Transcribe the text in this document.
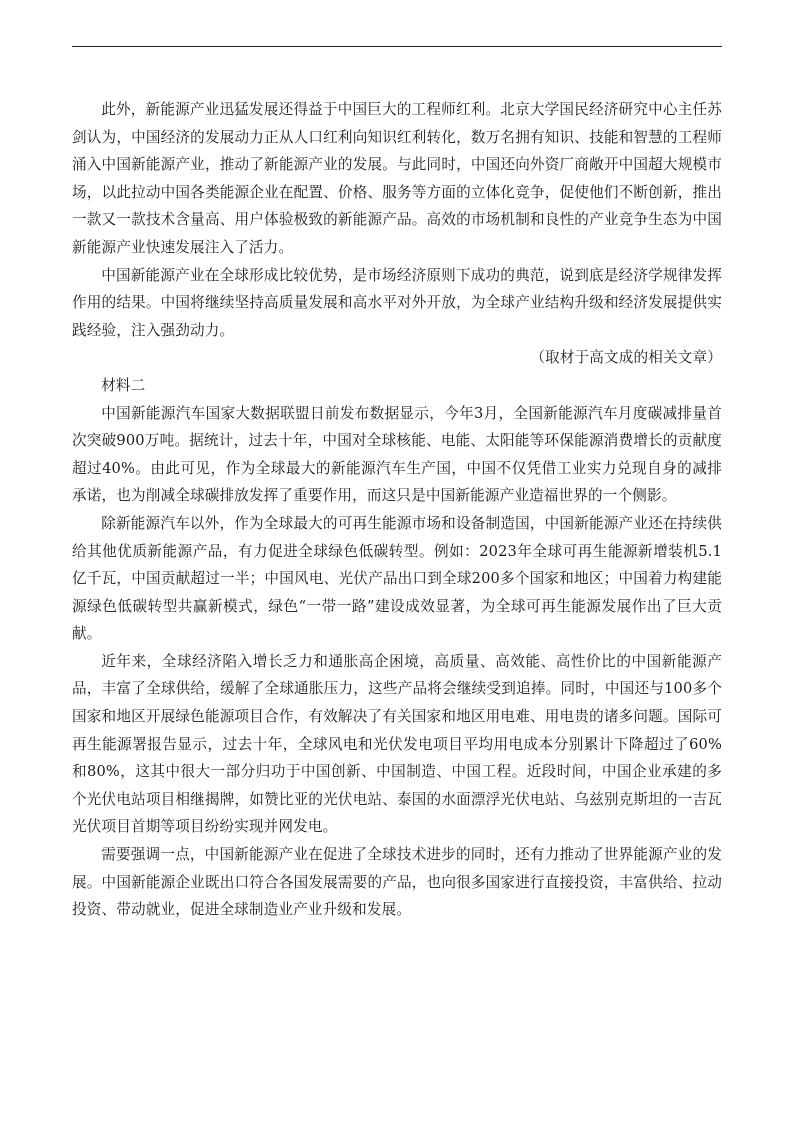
此外，新能源产业迅猛发展还得益于中国巨大的工程师红利。北京大学国民经济研究中心主任苏剑认为，中国经济的发展动力正从人口红利向知识红利转化，数万名拥有知识、技能和智慧的工程师涌入中国新能源产业，推动了新能源产业的发展。与此同时，中国还向外资厂商敞开中国超大规模市场，以此拉动中国各类能源企业在配置、价格、服务等方面的立体化竞争，促使他们不断创新，推出一款又一款技术含量高、用户体验极致的新能源产品。高效的市场机制和良性的产业竞争生态为中国新能源产业快速发展注入了活力。

中国新能源产业在全球形成比较优势，是市场经济原则下成功的典范，说到底是经济学规律发挥作用的结果。中国将继续坚持高质量发展和高水平对外开放，为全球产业结构升级和经济发展提供实践经验，注入强劲动力。

（取材于高文成的相关文章）

材料二

中国新能源汽车国家大数据联盟日前发布数据显示，今年3月，全国新能源汽车月度碳减排量首次突破900万吨。据统计，过去十年，中国对全球核能、电能、太阳能等环保能源消费增长的贡献度超过40%。由此可见，作为全球最大的新能源汽车生产国，中国不仅凭借工业实力兑现自身的减排承诺，也为削减全球碳排放发挥了重要作用，而这只是中国新能源产业造福世界的一个侧影。

除新能源汽车以外，作为全球最大的可再生能源市场和设备制造国，中国新能源产业还在持续供给其他优质新能源产品，有力促进全球绿色低碳转型。例如：2023年全球可再生能源新增装机5.1亿千瓦，中国贡献超过一半；中国风电、光伏产品出口到全球200多个国家和地区；中国着力构建能源绿色低碳转型共赢新模式，绿色“一带一路”建设成效显著，为全球可再生能源发展作出了巨大贡献。

近年来，全球经济陷入增长乏力和通胀高企困境，高质量、高效能、高性价比的中国新能源产品，丰富了全球供给，缓解了全球通胀压力，这些产品将会继续受到追捧。同时，中国还与100多个国家和地区开展绿色能源项目合作，有效解决了有关国家和地区用电难、用电贵的诸多问题。国际可再生能源署报告显示，过去十年，全球风电和光伏发电项目平均用电成本分别累计下降超过了60%和80%，这其中很大一部分归功于中国创新、中国制造、中国工程。近段时间，中国企业承建的多个光伏电站项目相继揭牌，如赞比亚的光伏电站、泰国的水面漂浮光伏电站、乌兹别克斯坦的一吉瓦光伏项目首期等项目纷纷实现并网发电。

需要强调一点，中国新能源产业在促进了全球技术进步的同时，还有力推动了世界能源产业的发展。中国新能源企业既出口符合各国发展需要的产品，也向很多国家进行直接投资，丰富供给、拉动投资、带动就业，促进全球制造业产业升级和发展。
